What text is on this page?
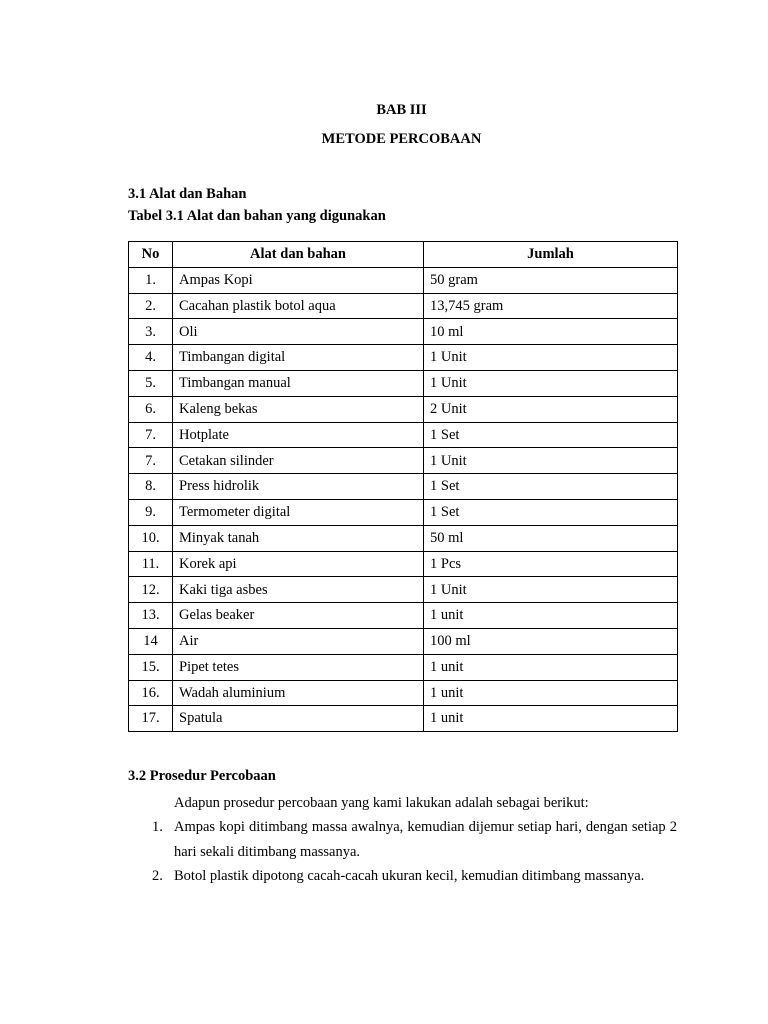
BAB III

METODE PERCOBAAN

3.1 Alat dan Bahan

Tabel 3.1 Alat dan bahan yang digunakan

No	Alat dan bahan	Jumlah
1.	Ampas Kopi	50 gram
2.	Cacahan plastik botol aqua	13,745 gram
3.	Oli	10 ml
4.	Timbangan digital	1 Unit
5.	Timbangan manual	1 Unit
6.	Kaleng bekas	2 Unit
7.	Hotplate	1 Set
7.	Cetakan silinder	1 Unit
8.	Press hidrolik	1 Set
9.	Termometer digital	1 Set
10.	Minyak tanah	50 ml
11.	Korek api	1 Pcs
12.	Kaki tiga asbes	1 Unit
13.	Gelas beaker	1 unit
14	Air	100 ml
15.	Pipet tetes	1 unit
16.	Wadah aluminium	1 unit
17.	Spatula	1 unit

3.2 Prosedur Percobaan

Adapun prosedur percobaan yang kami lakukan adalah sebagai berikut:

1. Ampas kopi ditimbang massa awalnya, kemudian dijemur setiap hari, dengan setiap 2 hari sekali ditimbang massanya.
2. Botol plastik dipotong cacah-cacah ukuran kecil, kemudian ditimbang massanya.
